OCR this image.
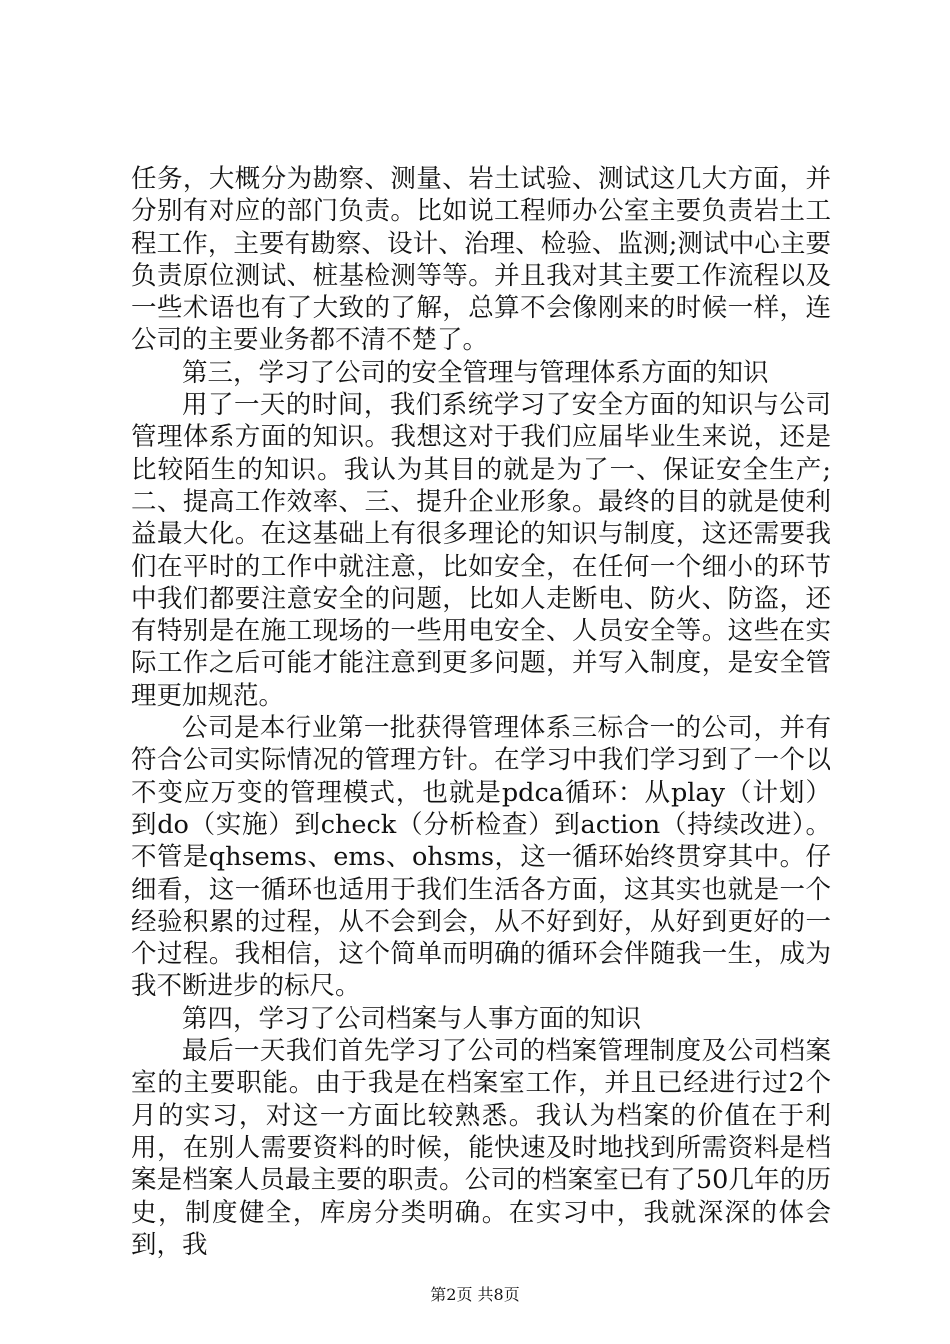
任务，大概分为勘察、测量、岩土试验、测试这几大方面，并分别有对应的部门负责。比如说工程师办公室主要负责岩土工程工作，主要有勘察、设计、治理、检验、监测;测试中心主要负责原位测试、桩基检测等等。并且我对其主要工作流程以及一些术语也有了大致的了解，总算不会像刚来的时候一样，连公司的主要业务都不清不楚了。

第三，学习了公司的安全管理与管理体系方面的知识

用了一天的时间，我们系统学习了安全方面的知识与公司管理体系方面的知识。我想这对于我们应届毕业生来说，还是比较陌生的知识。我认为其目的就是为了一、保证安全生产;二、提高工作效率、三、提升企业形象。最终的目的就是使利益最大化。在这基础上有很多理论的知识与制度，这还需要我们在平时的工作中就注意，比如安全，在任何一个细小的环节中我们都要注意安全的问题，比如人走断电、防火、防盗，还有特别是在施工现场的一些用电安全、人员安全等。这些在实际工作之后可能才能注意到更多问题，并写入制度，是安全管理更加规范。

公司是本行业第一批获得管理体系三标合一的公司，并有符合公司实际情况的管理方针。在学习中我们学习到了一个以不变应万变的管理模式，也就是pdca循环：从play（计划）到do（实施）到check（分析检查）到action（持续改进）。不管是qhsems、ems、ohsms，这一循环始终贯穿其中。仔细看，这一循环也适用于我们生活各方面，这其实也就是一个经验积累的过程，从不会到会，从不好到好，从好到更好的一个过程。我相信，这个简单而明确的循环会伴随我一生，成为我不断进步的标尺。

第四，学习了公司档案与人事方面的知识

最后一天我们首先学习了公司的档案管理制度及公司档案室的主要职能。由于我是在档案室工作，并且已经进行过2个月的实习，对这一方面比较熟悉。我认为档案的价值在于利用，在别人需要资料的时候，能快速及时地找到所需资料是档案是档案人员最主要的职责。公司的档案室已有了50几年的历史，制度健全，库房分类明确。在实习中，我就深深的体会到，我

第2页 共8页
